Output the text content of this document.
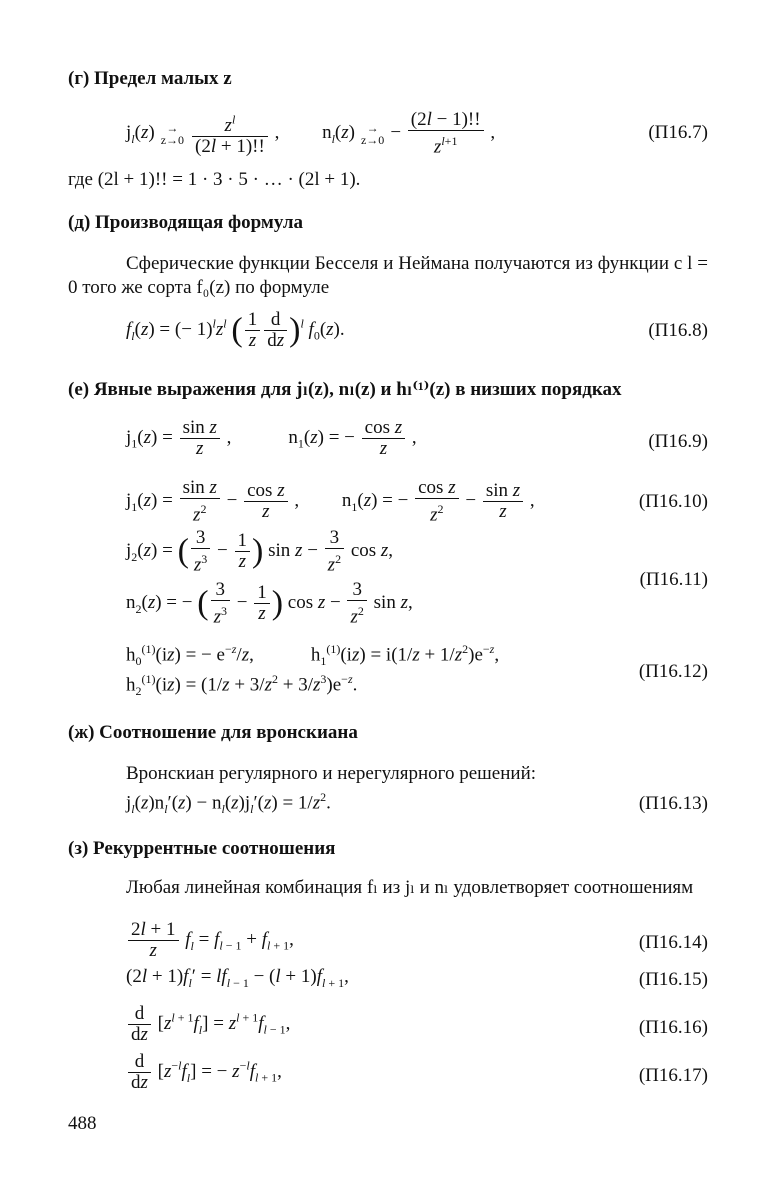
(г) Предел малых z
$j_l(z)$ →
$z\to 0 \frac{z^l}{(2l + 1)!!}$ ,         $n_l(z)$ →
$z\to 0 - \frac{(2l - 1)!!}{z^{l+1}}$ ,	(П16.7)
где (2l + 1)!! = 1 · 3 · 5 · … · (2l + 1).
(д) Производящая формула
Сферические функции Бесселя и Неймана получаются из функции с l = 0 того же сорта f₀(z) по формуле
$f_l(z)$ = (− $1)^lz^l$ ( $\frac{1}{z} \frac{d}{dz} )^l$ $f_0(z)$.	(П16.8)
(е) Явные выражения для jₗ(z), nₗ(z) и hₗ⁽¹⁾(z) в низших порядках
$j_1(z) = \frac{\text{sin z}}{z}$ ,            $n_1(z)$ = − $\frac{\text{cos z}}{z}$ ,	(П16.9)
$j_1(z) = \frac{\text{sin z}}{z^2} - \frac{\text{cos z}}{z}$ ,         $n_1(z)$ = − $\frac{\text{cos z}}{z^2} - \frac{\text{sin z}}{z}$ ,	(П16.10)
$j_2(z)$ = ( $\frac{3}{z^3} - \frac{1}{z}$ ) $\sin z - \frac{3}{z^2}$ cos z,
$n_2(z)$ = − ( $\frac{3}{z^3} - \frac{1}{z}$ ) $\cos z - \frac{3}{z^2}$ sin z,
(П16.11)
$h_0^{(1)}(iz)$ = − $e^{-z}/z$,            $h_1^{(1)}(iz) = i(1/z + 1/z^2)e^{-z}$,
$h_2^{(1)}(iz) = (1/z + 3/z^2 + 3/z^3)e^{-z}$.
(П16.12)
(ж) Соотношение для вронскиана
Вронскиан регулярного и нерегулярного решений:
$j_l(z)n_l'(z) - n_l(z)j_l'(z) = 1/z^2$.	(П16.13)
(з) Рекуррентные соотношения
Любая линейная комбинация fₗ из jₗ и nₗ удовлетворяет соотношениям
$\frac{2l + 1}{z} f_l = f_{l - 1} + f_{l + 1}$,	(П16.14)
$(2l + 1)f_l' = lf_{l - 1} - (l + 1)f_{l + 1}$,	(П16.15)
$\frac{d}{dz} [z^{l + 1}f_l] = z^{l + 1}f_{l - 1}$,	(П16.16)
$\frac{d}{dz} [z^{-l}f_l]$ = − $z^{-l}f_{l + 1}$,	(П16.17)
488
